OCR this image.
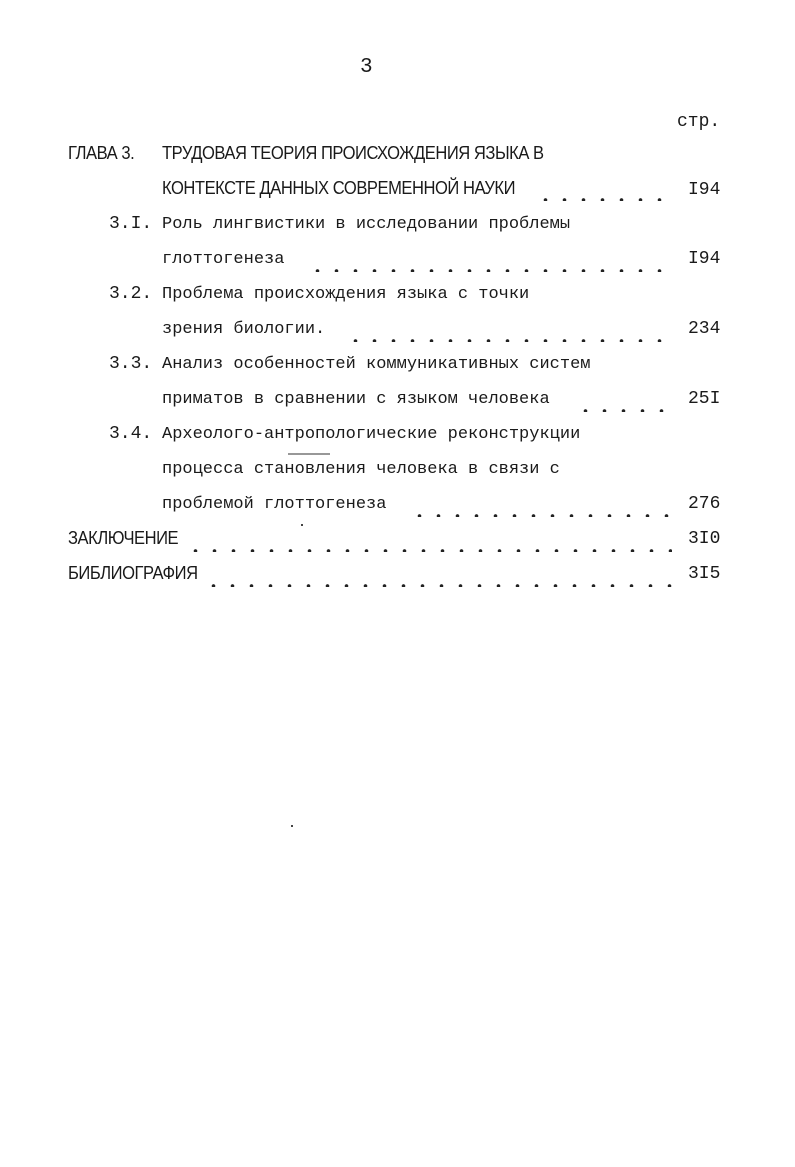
3
стр.
ГЛАВА 3. ТРУДОВАЯ ТЕОРИЯ ПРОИСХОЖДЕНИЯ ЯЗЫКА В
КОНТЕКСТЕ ДАННЫХ СОВРЕМЕННОЙ НАУКИ	I94
3.I. Роль лингвистики в исследовании проблемы
глоттогенеза	I94
3.2. Проблема происхождения языка с точки
зрения биологии.	234
3.3. Анализ особенностей коммуникативных систем
приматов в сравнении с языком человека	25I
3.4. Археолого-антропологические реконструкции
процесса становления человека в связи с
проблемой глоттогенеза	276
ЗАКЛЮЧЕНИЕ	3I0
БИБЛИОГРАФИЯ	3I5
